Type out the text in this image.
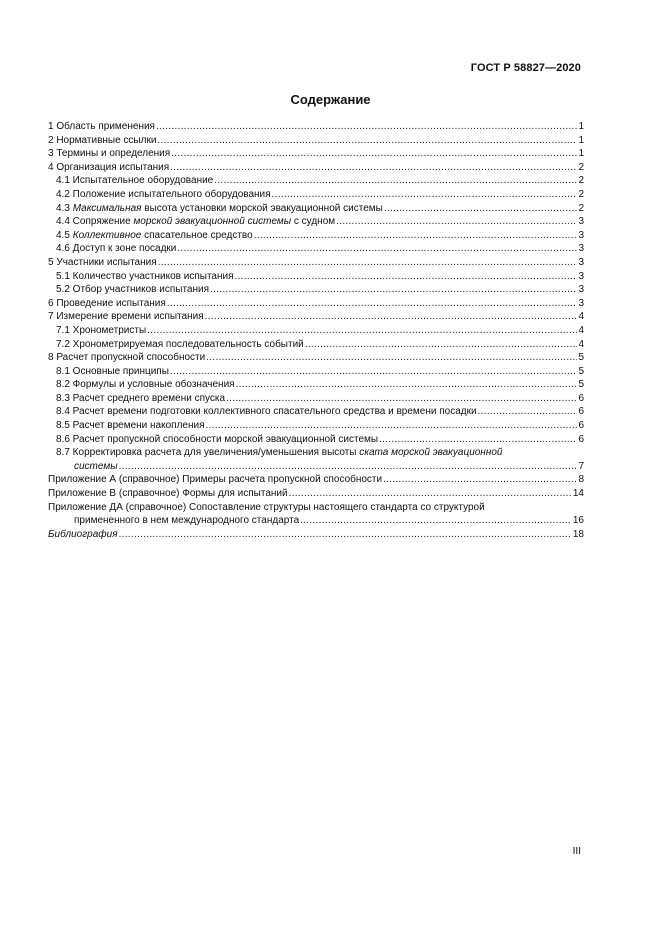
ГОСТ Р 58827—2020
Содержание
1 Область применения .....	1
2 Нормативные ссылки .....	1
3 Термины и определения .....	1
4 Организация испытания .....	2
4.1 Испытательное оборудование .....	2
4.2 Положение испытательного оборудования .....	2
4.3 Максимальная высота установки морской эвакуационной системы .....	2
4.4 Сопряжение морской эвакуационной системы с судном .....	3
4.5 Коллективное спасательное средство .....	3
4.6 Доступ к зоне посадки .....	3
5 Участники испытания .....	3
5.1 Количество участников испытания .....	3
5.2 Отбор участников испытания .....	3
6 Проведение испытания .....	3
7 Измерение времени испытания .....	4
7.1 Хронометристы .....	4
7.2 Хронометрируемая последовательность событий .....	4
8 Расчет пропускной способности .....	5
8.1 Основные принципы .....	5
8.2 Формулы и условные обозначения .....	5
8.3 Расчет среднего времени спуска .....	6
8.4 Расчет времени подготовки коллективного спасательного средства и времени посадки .....	6
8.5 Расчет времени накопления .....	6
8.6 Расчет пропускной способности морской эвакуационной системы .....	6
8.7 Корректировка расчета для увеличения/уменьшения высоты ската морской эвакуационной
системы .....	7
Приложение А (справочное) Примеры расчета пропускной способности .....	8
Приложение В (справочное) Формы для испытаний .....	14
Приложение ДА (справочное) Сопоставление структуры настоящего стандарта со структурой
примененного в нем международного стандарта .....	16
Библиография .....	18
III
